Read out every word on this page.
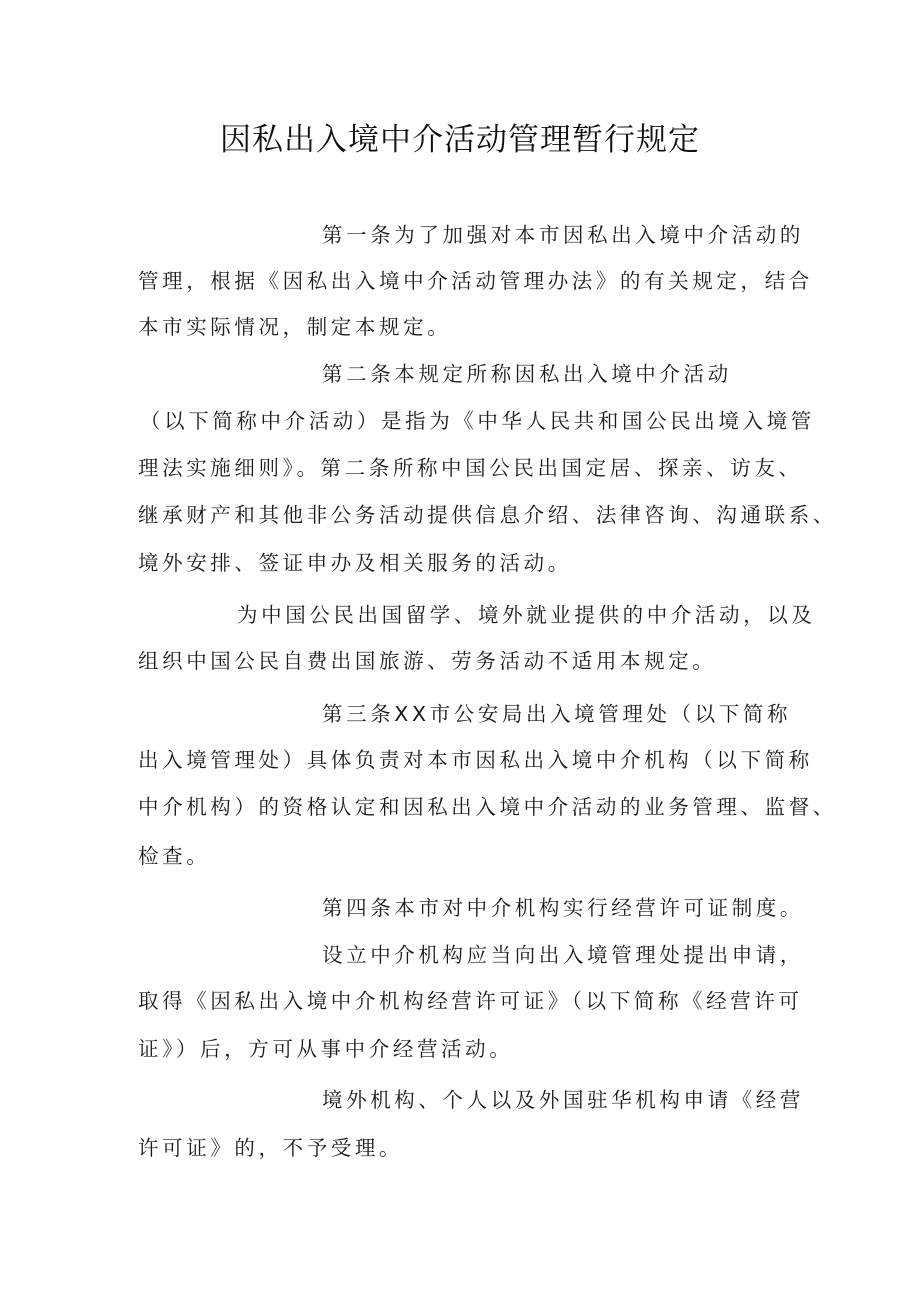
因私出入境中介活动管理暂行规定
第一条为了加强对本市因私出入境中介活动的
管理，根据《因私出入境中介活动管理办法》的有关规定，结合
本市实际情况，制定本规定。
第二条本规定所称因私出入境中介活动
（以下简称中介活动）是指为《中华人民共和国公民出境入境管
理法实施细则》。第二条所称中国公民出国定居、探亲、访友、
继承财产和其他非公务活动提供信息介绍、法律咨询、沟通联系、
境外安排、签证申办及相关服务的活动。
为中国公民出国留学、境外就业提供的中介活动，以及
组织中国公民自费出国旅游、劳务活动不适用本规定。
第三条XX市公安局出入境管理处（以下简称
出入境管理处）具体负责对本市因私出入境中介机构（以下简称
中介机构）的资格认定和因私出入境中介活动的业务管理、监督、
检查。
第四条本市对中介机构实行经营许可证制度。
设立中介机构应当向出入境管理处提出申请，
取得《因私出入境中介机构经营许可证》（以下简称《经营许可
证》）后，方可从事中介经营活动。
境外机构、个人以及外国驻华机构申请《经营
许可证》的，不予受理。
